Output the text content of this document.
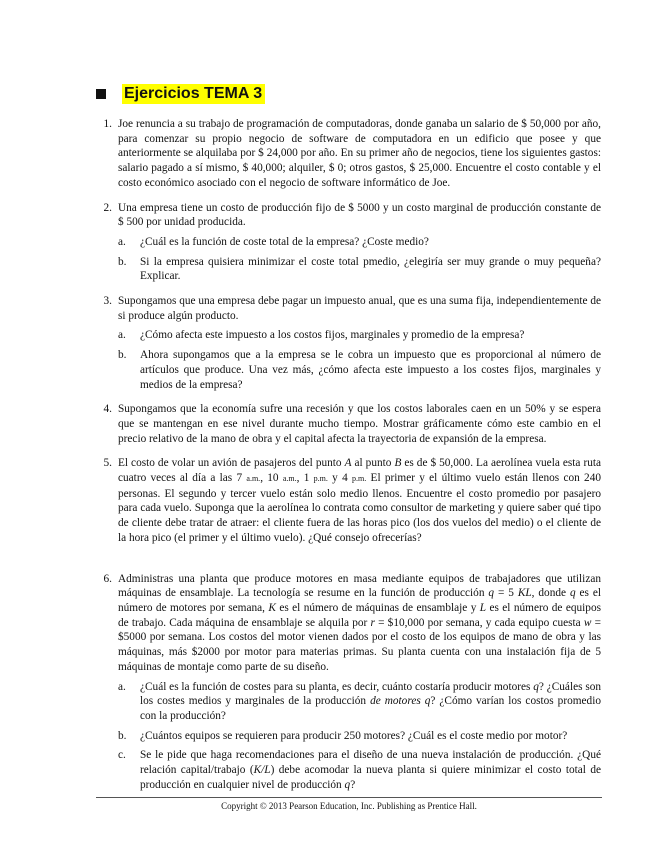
Ejercicios TEMA 3
1. Joe renuncia a su trabajo de programación de computadoras, donde ganaba un salario de $ 50,000 por año, para comenzar su propio negocio de software de computadora en un edificio que posee y que anteriormente se alquilaba por $ 24,000 por año. En su primer año de negocios, tiene los siguientes gastos: salario pagado a sí mismo, $ 40,000; alquiler, $ 0; otros gastos, $ 25,000. Encuentre el costo contable y el costo económico asociado con el negocio de software informático de Joe.
2. Una empresa tiene un costo de producción fijo de $ 5000 y un costo marginal de producción constante de $ 500 por unidad producida.
a.	¿Cuál es la función de coste total de la empresa? ¿Coste medio?
b.	Si la empresa quisiera minimizar el coste total pmedio, ¿elegiría ser muy grande o muy pequeña? Explicar.
3. Supongamos que una empresa debe pagar un impuesto anual, que es una suma fija, independientemente de si produce algún producto.
a.	¿Cómo afecta este impuesto a los costos fijos, marginales y promedio de la empresa?
b.	Ahora supongamos que a la empresa se le cobra un impuesto que es proporcional al número de artículos que produce. Una vez más, ¿cómo afecta este impuesto a los costes fijos, marginales y medios de la empresa?
4. Supongamos que la economía sufre una recesión y que los costos laborales caen en un 50% y se espera que se mantengan en ese nivel durante mucho tiempo. Mostrar gráficamente cómo este cambio en el precio relativo de la mano de obra y el capital afecta la trayectoria de expansión de la empresa.
5. El costo de volar un avión de pasajeros del punto A al punto B es de $ 50,000. La aerolínea vuela esta ruta cuatro veces al día a las 7 a.m., 10 a.m., 1 p.m. y 4 p.m. El primer y el último vuelo están llenos con 240 personas. El segundo y tercer vuelo están solo medio llenos. Encuentre el costo promedio por pasajero para cada vuelo. Suponga que la aerolínea lo contrata como consultor de marketing y quiere saber qué tipo de cliente debe tratar de atraer: el cliente fuera de las horas pico (los dos vuelos del medio) o el cliente de la hora pico (el primer y el último vuelo). ¿Qué consejo ofrecerías?
6. Administras una planta que produce motores en masa mediante equipos de trabajadores que utilizan máquinas de ensamblaje. La tecnología se resume en la función de producción q = 5 KL, donde q es el número de motores por semana, K es el número de máquinas de ensamblaje y L es el número de equipos de trabajo. Cada máquina de ensamblaje se alquila por r = $10,000 por semana, y cada equipo cuesta w = $5000 por semana. Los costos del motor vienen dados por el costo de los equipos de mano de obra y las máquinas, más $2000 por motor para materias primas. Su planta cuenta con una instalación fija de 5 máquinas de montaje como parte de su diseño.
a.	¿Cuál es la función de costes para su planta, es decir, cuánto costaría producir motores q? ¿Cuáles son los costes medios y marginales de la producción de motores q? ¿Cómo varían los costos promedio con la producción?
b.	¿Cuántos equipos se requieren para producir 250 motores? ¿Cuál es el coste medio por motor?
c.	Se le pide que haga recomendaciones para el diseño de una nueva instalación de producción. ¿Qué relación capital/trabajo (K/L) debe acomodar la nueva planta si quiere minimizar el costo total de producción en cualquier nivel de producción q?
Copyright © 2013 Pearson Education, Inc. Publishing as Prentice Hall.
